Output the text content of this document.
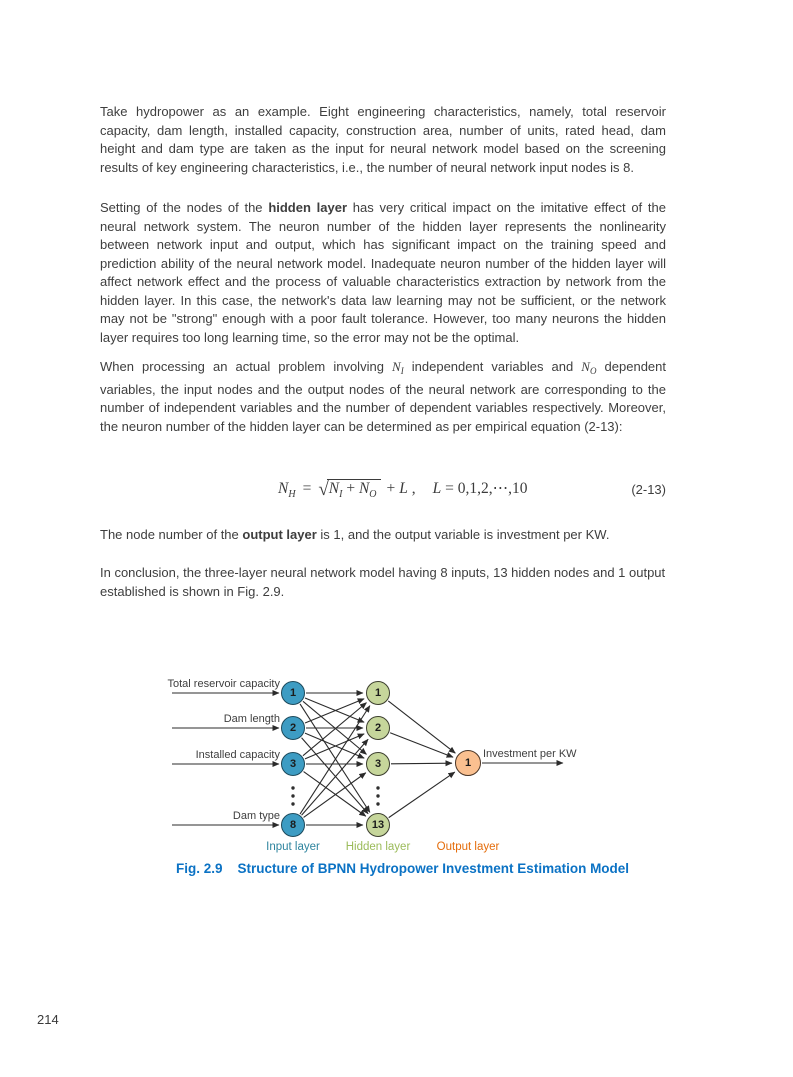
Take hydropower as an example. Eight engineering characteristics, namely, total reservoir capacity, dam length, installed capacity, construction area, number of units, rated head, dam height and dam type are taken as the input for neural network model based on the screening results of key engineering characteristics, i.e., the number of neural network input nodes is 8.
Setting of the nodes of the hidden layer has very critical impact on the imitative effect of the neural network system. The neuron number of the hidden layer represents the nonlinearity between network input and output, which has significant impact on the training speed and prediction ability of the neural network model. Inadequate neuron number of the hidden layer will affect network effect and the process of valuable characteristics extraction by network from the hidden layer. In this case, the network's data law learning may not be sufficient, or the network may not be "strong" enough with a poor fault tolerance. However, too many neurons the hidden layer requires too long learning time, so the error may not be the optimal.
When processing an actual problem involving $N_I$ independent variables and $N_O$ dependent variables, the input nodes and the output nodes of the neural network are corresponding to the number of independent variables and the number of dependent variables respectively. Moreover, the neuron number of the hidden layer can be determined as per empirical equation (2-13):
$N_H = √N_I + N_O + L$ , L = 0,1,2,⋯,10	(2-13)
The node number of the output layer is 1, and the output variable is investment per KW.
In conclusion, the three-layer neural network model having 8 inputs, 13 hidden nodes and 1 output established is shown in Fig. 2.9.
Total reservoir capacity
Dam length
Installed capacity
Dam type
1
2
3
8
1
2
3
13
1
Investment per KW
Input layer	Hidden layer	Output layer
Fig. 2.9 Structure of BPNN Hydropower Investment Estimation Model
214
